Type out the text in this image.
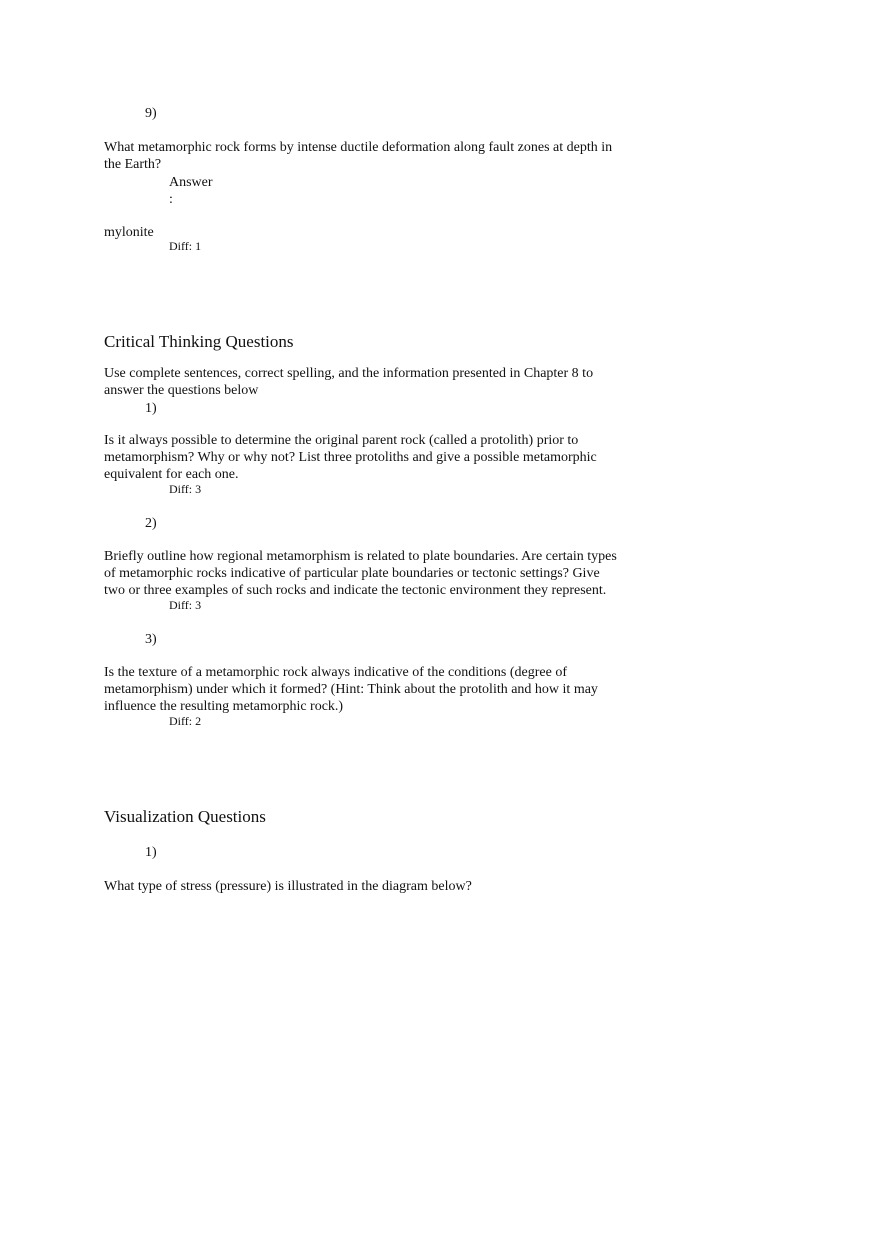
9)
What metamorphic rock forms by intense ductile deformation along fault zones at depth in
the Earth?
Answer
:
mylonite
Diff: 1
Critical Thinking Questions
Use complete sentences, correct spelling, and the information presented in Chapter 8 to
answer the questions below
1)
Is it always possible to determine the original parent rock (called a protolith) prior to
metamorphism? Why or why not? List three protoliths and give a possible metamorphic
equivalent for each one.
Diff: 3
2)
Briefly outline how regional metamorphism is related to plate boundaries. Are certain types
of metamorphic rocks indicative of particular plate boundaries or tectonic settings? Give
two or three examples of such rocks and indicate the tectonic environment they represent.
Diff: 3
3)
Is the texture of a metamorphic rock always indicative of the conditions (degree of
metamorphism) under which it formed? (Hint: Think about the protolith and how it may
influence the resulting metamorphic rock.)
Diff: 2
Visualization Questions
1)
What type of stress (pressure) is illustrated in the diagram below?
